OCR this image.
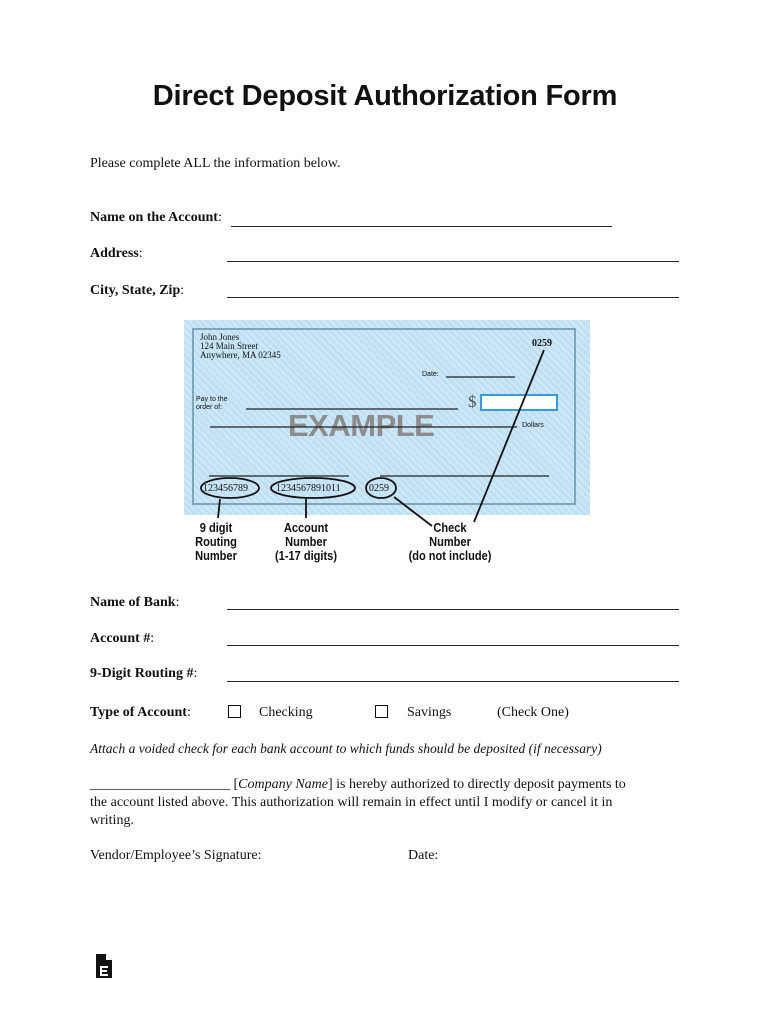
Direct Deposit Authorization Form
Please complete ALL the information below.
Name on the Account:
Address:
City, State, Zip:
John Jones
124 Main Street
Anywhere, MA 02345
0259
Date:
Pay to the
order of:	$
Dollars
EXAMPLE
123456789	1234567891011	0259
9 digit
Routing
Number
Account
Number
(1-17 digits)
Check
Number
(do not include)
Name of Bank:
Account #:
9-Digit Routing #:
Type of Account:	Checking	Savings	(Check One)
Attach a voided check for each bank account to which funds should be deposited (if necessary)
____________________ [Company Name] is hereby authorized to directly deposit payments to
the account listed above. This authorization will remain in effect until I modify or cancel it in
writing.
Vendor/Employee’s Signature:	Date:
